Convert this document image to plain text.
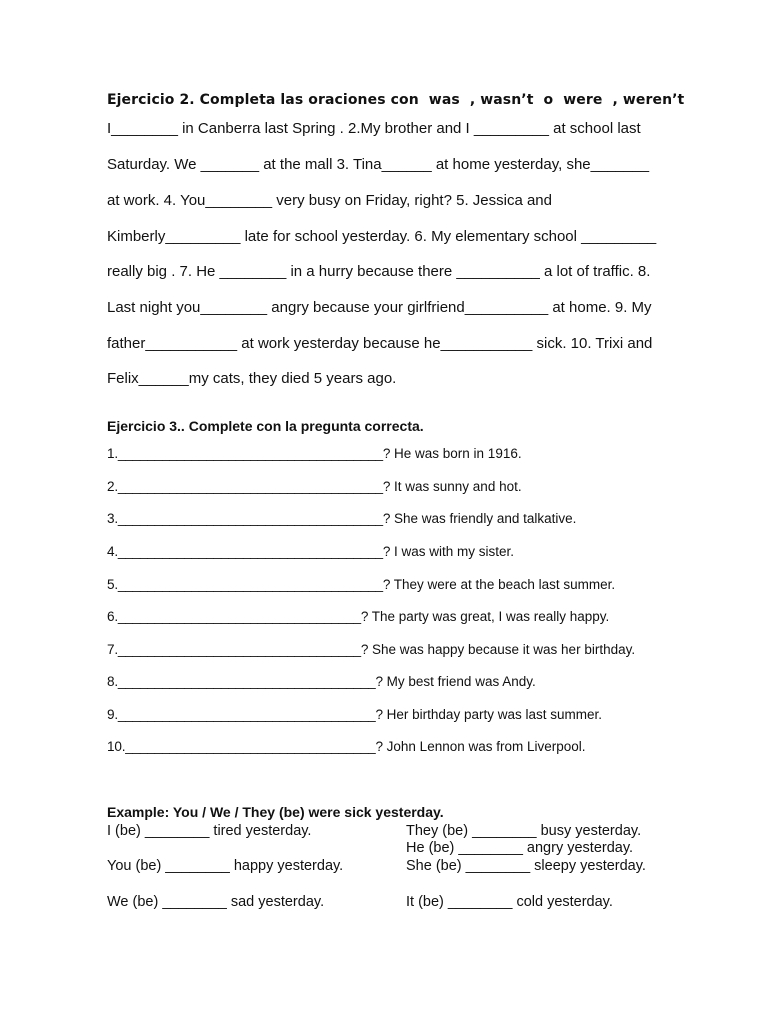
Ejercicio 2. Completa las oraciones con was , wasn’t o were , weren’t
I________ in Canberra last Spring . 2.My brother and I _________ at school last
Saturday. We _______ at the mall 3. Tina______ at home yesterday, she_______
at work. 4. You________ very busy on Friday, right? 5. Jessica and
Kimberly_________ late for school yesterday. 6. My elementary school _________
really big . 7. He ________ in a hurry because there __________ a lot of traffic. 8.
Last night you________ angry because your girlfriend__________ at home. 9. My
father___________ at work yesterday because he___________ sick. 10. Trixi and
Felix______my cats, they died 5 years ago.
Ejercicio 3.. Complete con la pregunta correcta.
1.____________________________________? He was born in 1916.
2.____________________________________? It was sunny and hot.
3.____________________________________? She was friendly and talkative.
4.____________________________________? I was with my sister.
5.____________________________________? They were at the beach last summer.
6._________________________________? The party was great, I was really happy.
7._________________________________? She was happy because it was her birthday.
8.___________________________________? My best friend was Andy.
9.___________________________________? Her birthday party was last summer.
10.__________________________________? John Lennon was from Liverpool.
Example: You / We / They (be) were sick yesterday.
I (be) ________ tired yesterday.
You (be) ________ happy yesterday.
We (be) ________ sad yesterday.
They (be) ________ busy yesterday.
He (be) ________ angry yesterday.
She (be) ________ sleepy yesterday.
It (be) ________ cold yesterday.
